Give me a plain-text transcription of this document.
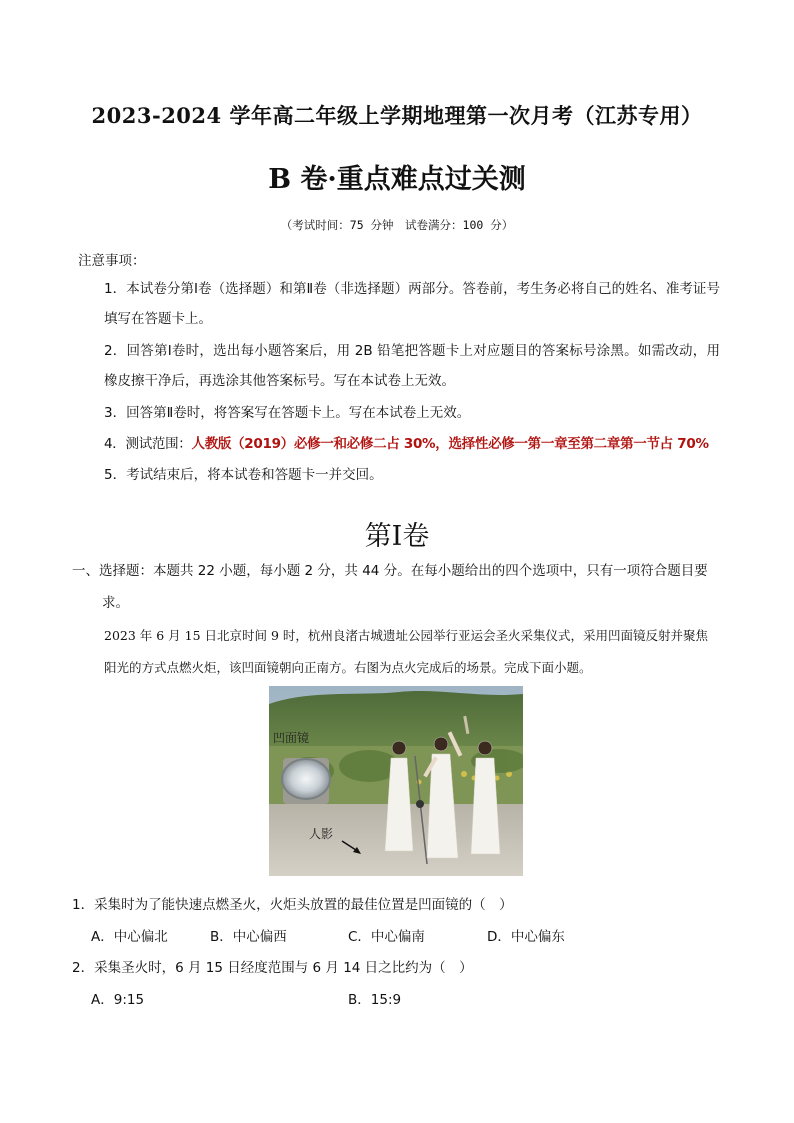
2023-2024 学年高二年级上学期地理第一次月考（江苏专用）
B 卷·重点难点过关测
（考试时间：75 分钟　试卷满分：100 分）
注意事项：
1．本试卷分第Ⅰ卷（选择题）和第Ⅱ卷（非选择题）两部分。答卷前，考生务必将自己的姓名、准考证号填写在答题卡上。
2．回答第Ⅰ卷时，选出每小题答案后，用 2B 铅笔把答题卡上对应题目的答案标号涂黑。如需改动，用橡皮擦干净后，再选涂其他答案标号。写在本试卷上无效。
3．回答第Ⅱ卷时，将答案写在答题卡上。写在本试卷上无效。
4．测试范围：人教版（2019）必修一和必修二占 30%，选择性必修一第一章至第二章第一节占 70%
5．考试结束后，将本试卷和答题卡一并交回。
第Ⅰ卷
一、选择题：本题共 22 小题，每小题 2 分，共 44 分。在每小题给出的四个选项中，只有一项符合题目要
求。
2023 年 6 月 15 日北京时间 9 时，杭州良渚古城遗址公园举行亚运会圣火采集仪式，采用凹面镜反射并聚焦阳光的方式点燃火炬，该凹面镜朝向正南方。右图为点火完成后的场景。完成下面小题。
凹面镜
人影
1．采集时为了能快速点燃圣火，火炬头放置的最佳位置是凹面镜的（　）
A．中心偏北	B．中心偏西	C．中心偏南	D．中心偏东
2．采集圣火时，6 月 15 日经度范围与 6 月 14 日之比约为（　）
A．9:15	B．15:9
